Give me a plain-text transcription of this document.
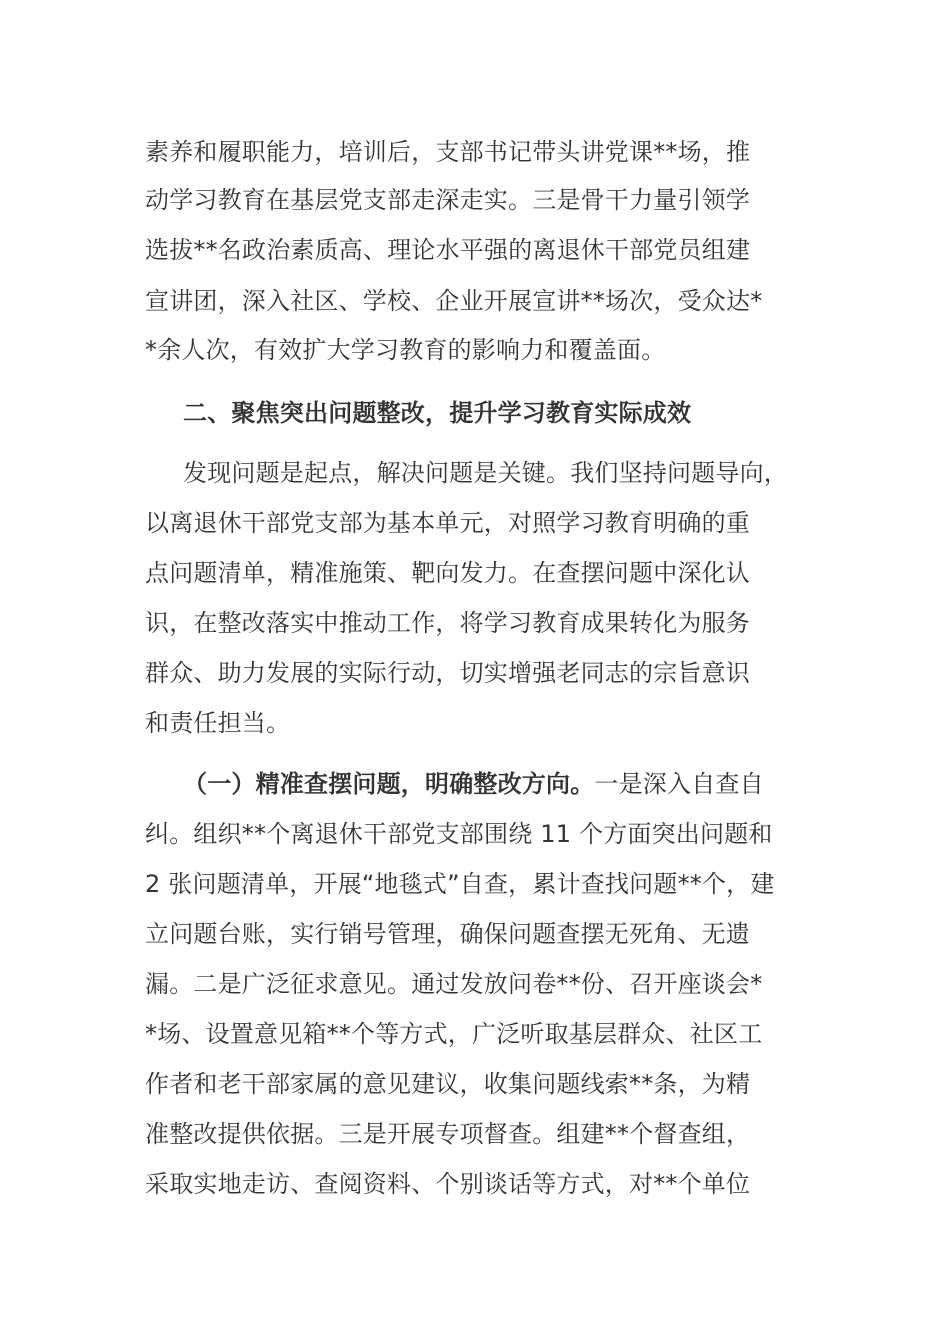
素养和履职能力，培训后，支部书记带头讲党课**场，推
动学习教育在基层党支部走深走实。三是骨干力量引领学
选拔**名政治素质高、理论水平强的离退休干部党员组建
宣讲团，深入社区、学校、企业开展宣讲**场次，受众达*
*余人次，有效扩大学习教育的影响力和覆盖面。
二、聚焦突出问题整改，提升学习教育实际成效
发现问题是起点，解决问题是关键。我们坚持问题导向，
以离退休干部党支部为基本单元，对照学习教育明确的重
点问题清单，精准施策、靶向发力。在查摆问题中深化认
识，在整改落实中推动工作，将学习教育成果转化为服务
群众、助力发展的实际行动，切实增强老同志的宗旨意识
和责任担当。
（一）精准查摆问题，明确整改方向。一是深入自查自
纠。组织**个离退休干部党支部围绕 11 个方面突出问题和
2 张问题清单，开展“地毯式”自查，累计查找问题**个，建
立问题台账，实行销号管理，确保问题查摆无死角、无遗
漏。二是广泛征求意见。通过发放问卷**份、召开座谈会*
*场、设置意见箱**个等方式，广泛听取基层群众、社区工
作者和老干部家属的意见建议，收集问题线索**条，为精
准整改提供依据。三是开展专项督查。组建**个督查组，
采取实地走访、查阅资料、个别谈话等方式，对**个单位
